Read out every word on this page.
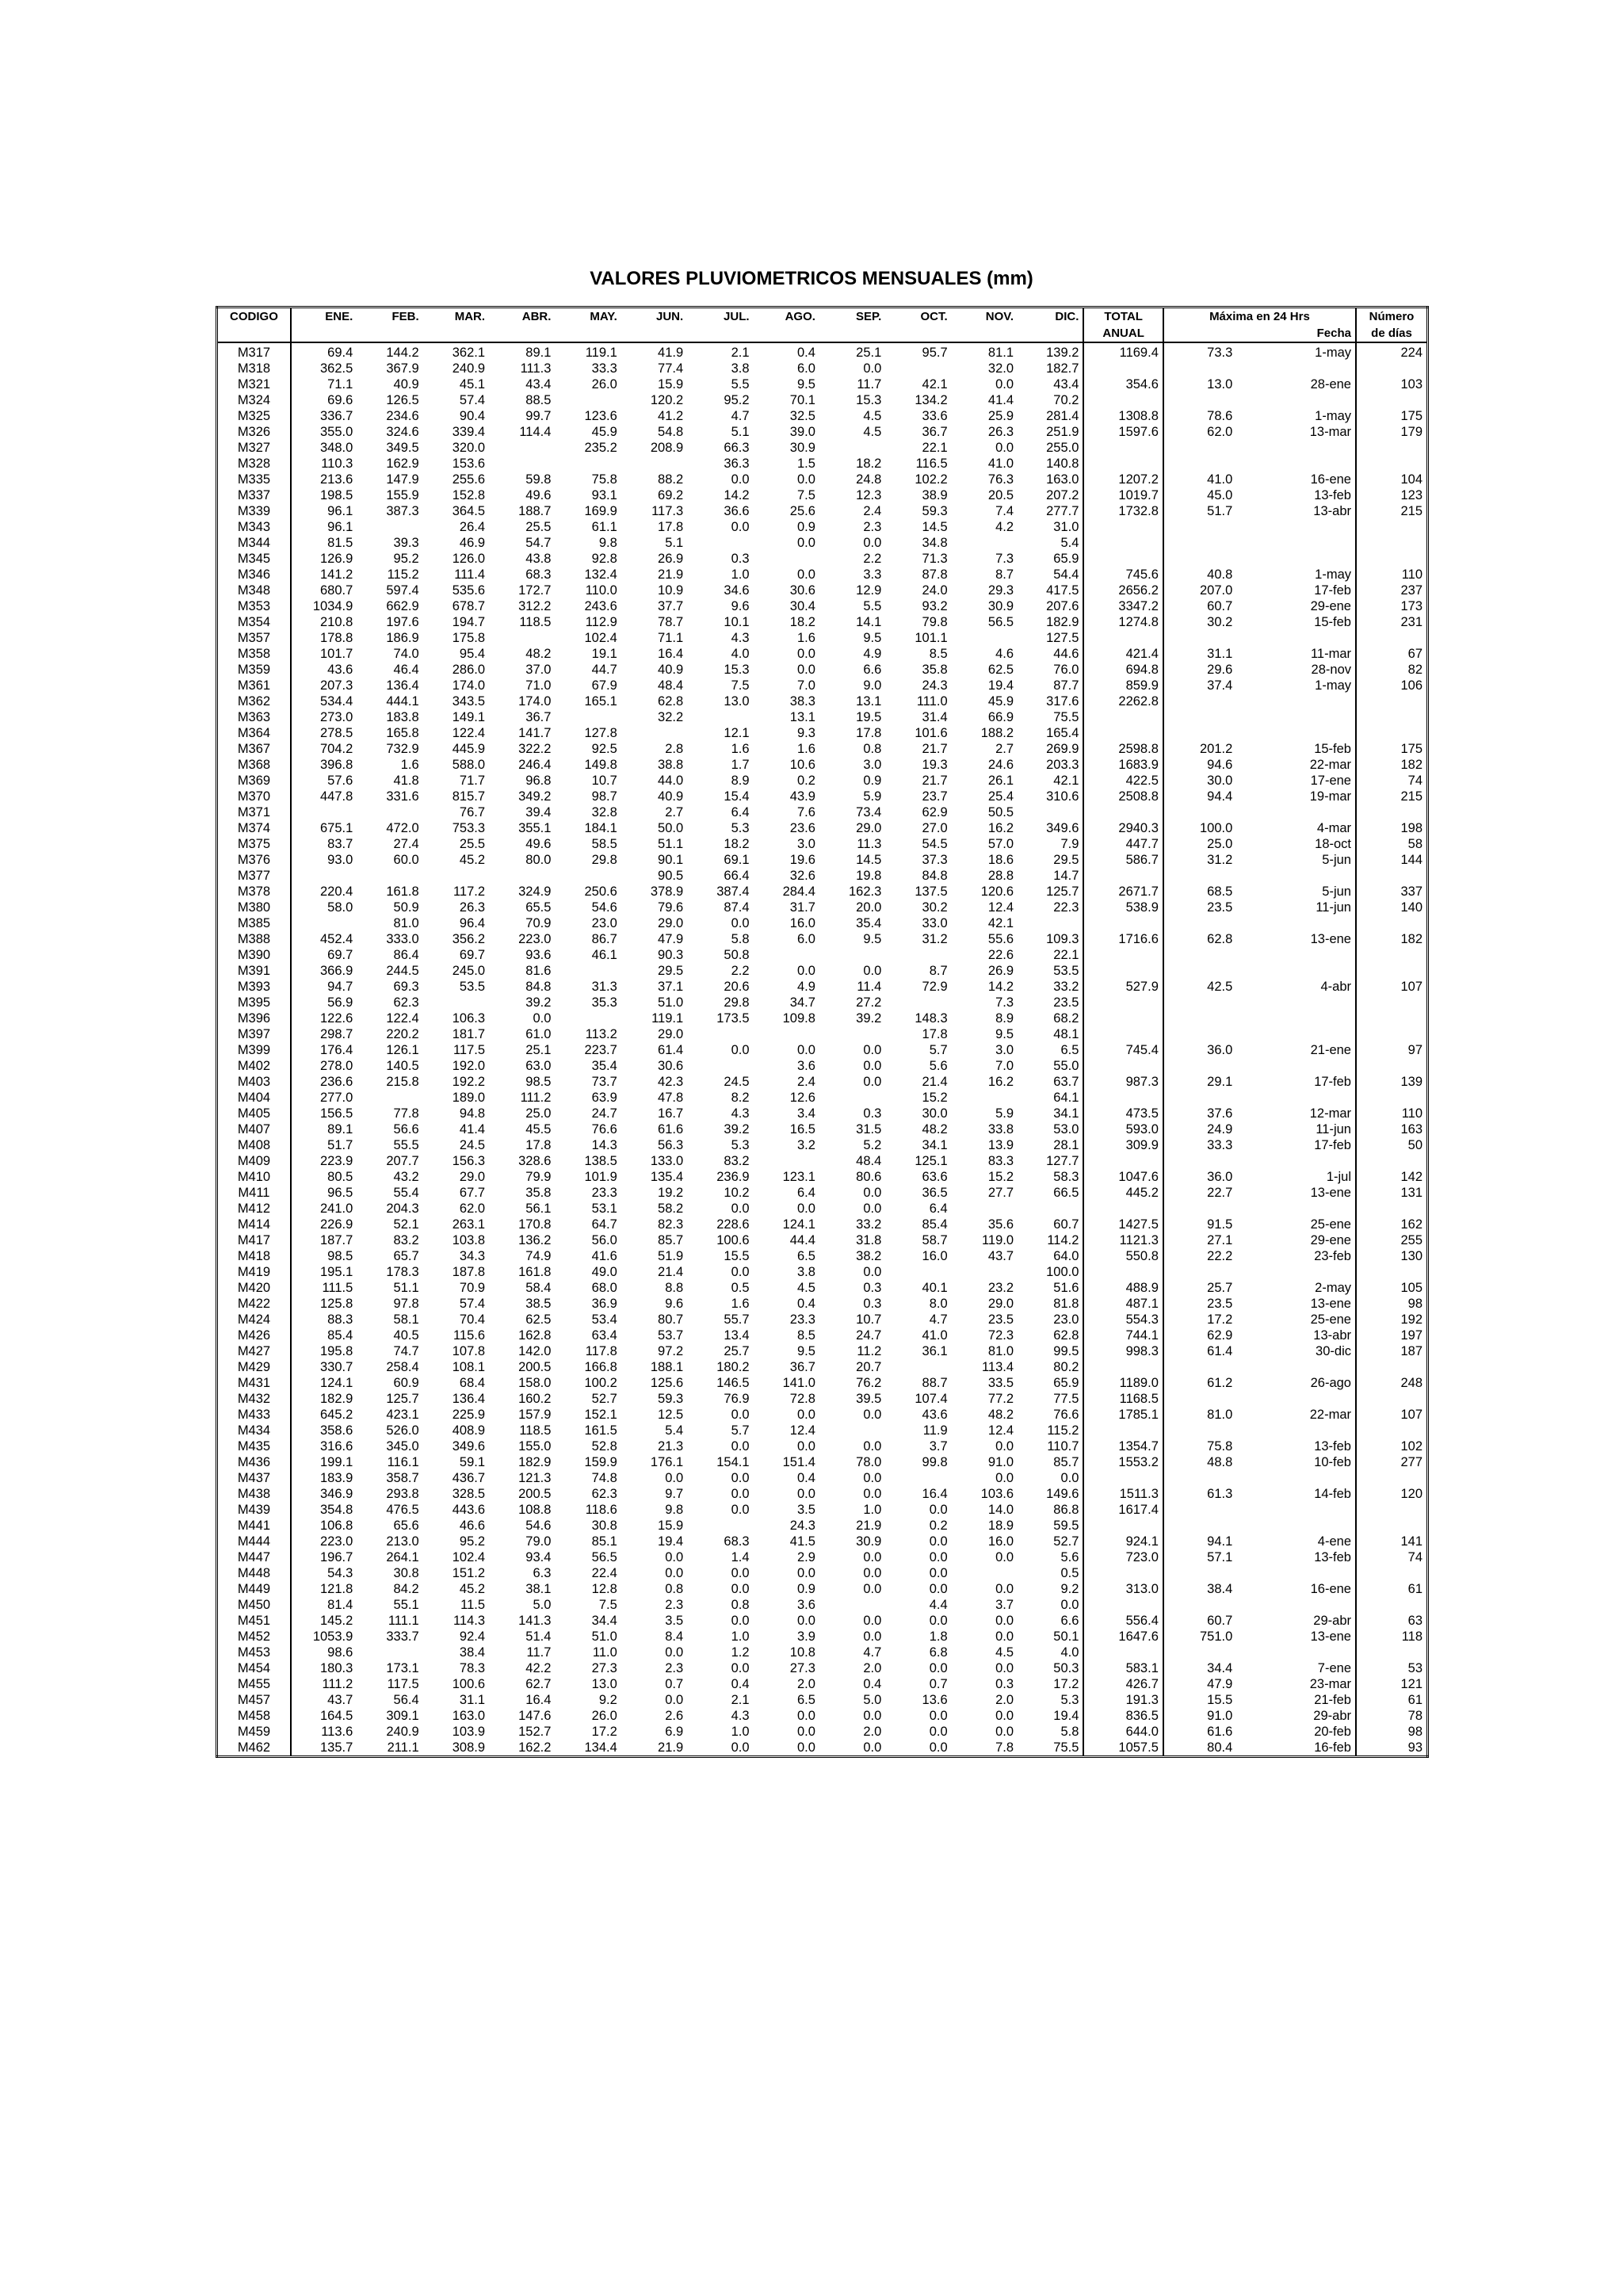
VALORES PLUVIOMETRICOS MENSUALES (mm)
CODIGO	ENE.	FEB.	MAR.	ABR.	MAY.	JUN.	JUL.	AGO.	SEP.	OCT.	NOV.	DIC.	TOTAL	Máxima en 24 Hrs		Número
													ANUAL		Fecha	de días
M317	69.4	144.2	362.1	89.1	119.1	41.9	2.1	0.4	25.1	95.7	81.1	139.2	1169.4	73.3	1-may	224
M318	362.5	367.9	240.9	111.3	33.3	77.4	3.8	6.0	0.0		32.0	182.7				
M321	71.1	40.9	45.1	43.4	26.0	15.9	5.5	9.5	11.7	42.1	0.0	43.4	354.6	13.0	28-ene	103
M324	69.6	126.5	57.4	88.5		120.2	95.2	70.1	15.3	134.2	41.4	70.2				
M325	336.7	234.6	90.4	99.7	123.6	41.2	4.7	32.5	4.5	33.6	25.9	281.4	1308.8	78.6	1-may	175
M326	355.0	324.6	339.4	114.4	45.9	54.8	5.1	39.0	4.5	36.7	26.3	251.9	1597.6	62.0	13-mar	179
M327	348.0	349.5	320.0		235.2	208.9	66.3	30.9		22.1	0.0	255.0				
M328	110.3	162.9	153.6				36.3	1.5	18.2	116.5	41.0	140.8				
M335	213.6	147.9	255.6	59.8	75.8	88.2	0.0	0.0	24.8	102.2	76.3	163.0	1207.2	41.0	16-ene	104
M337	198.5	155.9	152.8	49.6	93.1	69.2	14.2	7.5	12.3	38.9	20.5	207.2	1019.7	45.0	13-feb	123
M339	96.1	387.3	364.5	188.7	169.9	117.3	36.6	25.6	2.4	59.3	7.4	277.7	1732.8	51.7	13-abr	215
M343	96.1		26.4	25.5	61.1	17.8	0.0	0.9	2.3	14.5	4.2	31.0				
M344	81.5	39.3	46.9	54.7	9.8	5.1		0.0	0.0	34.8		5.4				
M345	126.9	95.2	126.0	43.8	92.8	26.9	0.3		2.2	71.3	7.3	65.9				
M346	141.2	115.2	111.4	68.3	132.4	21.9	1.0	0.0	3.3	87.8	8.7	54.4	745.6	40.8	1-may	110
M348	680.7	597.4	535.6	172.7	110.0	10.9	34.6	30.6	12.9	24.0	29.3	417.5	2656.2	207.0	17-feb	237
M353	1034.9	662.9	678.7	312.2	243.6	37.7	9.6	30.4	5.5	93.2	30.9	207.6	3347.2	60.7	29-ene	173
M354	210.8	197.6	194.7	118.5	112.9	78.7	10.1	18.2	14.1	79.8	56.5	182.9	1274.8	30.2	15-feb	231
M357	178.8	186.9	175.8		102.4	71.1	4.3	1.6	9.5	101.1		127.5				
M358	101.7	74.0	95.4	48.2	19.1	16.4	4.0	0.0	4.9	8.5	4.6	44.6	421.4	31.1	11-mar	67
M359	43.6	46.4	286.0	37.0	44.7	40.9	15.3	0.0	6.6	35.8	62.5	76.0	694.8	29.6	28-nov	82
M361	207.3	136.4	174.0	71.0	67.9	48.4	7.5	7.0	9.0	24.3	19.4	87.7	859.9	37.4	1-may	106
M362	534.4	444.1	343.5	174.0	165.1	62.8	13.0	38.3	13.1	111.0	45.9	317.6	2262.8			
M363	273.0	183.8	149.1	36.7		32.2		13.1	19.5	31.4	66.9	75.5				
M364	278.5	165.8	122.4	141.7	127.8		12.1	9.3	17.8	101.6	188.2	165.4				
M367	704.2	732.9	445.9	322.2	92.5	2.8	1.6	1.6	0.8	21.7	2.7	269.9	2598.8	201.2	15-feb	175
M368	396.8	1.6	588.0	246.4	149.8	38.8	1.7	10.6	3.0	19.3	24.6	203.3	1683.9	94.6	22-mar	182
M369	57.6	41.8	71.7	96.8	10.7	44.0	8.9	0.2	0.9	21.7	26.1	42.1	422.5	30.0	17-ene	74
M370	447.8	331.6	815.7	349.2	98.7	40.9	15.4	43.9	5.9	23.7	25.4	310.6	2508.8	94.4	19-mar	215
M371			76.7	39.4	32.8	2.7	6.4	7.6	73.4	62.9	50.5					
M374	675.1	472.0	753.3	355.1	184.1	50.0	5.3	23.6	29.0	27.0	16.2	349.6	2940.3	100.0	4-mar	198
M375	83.7	27.4	25.5	49.6	58.5	51.1	18.2	3.0	11.3	54.5	57.0	7.9	447.7	25.0	18-oct	58
M376	93.0	60.0	45.2	80.0	29.8	90.1	69.1	19.6	14.5	37.3	18.6	29.5	586.7	31.2	5-jun	144
M377						90.5	66.4	32.6	19.8	84.8	28.8	14.7				
M378	220.4	161.8	117.2	324.9	250.6	378.9	387.4	284.4	162.3	137.5	120.6	125.7	2671.7	68.5	5-jun	337
M380	58.0	50.9	26.3	65.5	54.6	79.6	87.4	31.7	20.0	30.2	12.4	22.3	538.9	23.5	11-jun	140
M385		81.0	96.4	70.9	23.0	29.0	0.0	16.0	35.4	33.0	42.1					
M388	452.4	333.0	356.2	223.0	86.7	47.9	5.8	6.0	9.5	31.2	55.6	109.3	1716.6	62.8	13-ene	182
M390	69.7	86.4	69.7	93.6	46.1	90.3	50.8				22.6	22.1				
M391	366.9	244.5	245.0	81.6		29.5	2.2	0.0	0.0	8.7	26.9	53.5				
M393	94.7	69.3	53.5	84.8	31.3	37.1	20.6	4.9	11.4	72.9	14.2	33.2	527.9	42.5	4-abr	107
M395	56.9	62.3		39.2	35.3	51.0	29.8	34.7	27.2		7.3	23.5				
M396	122.6	122.4	106.3	0.0		119.1	173.5	109.8	39.2	148.3	8.9	68.2				
M397	298.7	220.2	181.7	61.0	113.2	29.0				17.8	9.5	48.1				
M399	176.4	126.1	117.5	25.1	223.7	61.4	0.0	0.0	0.0	5.7	3.0	6.5	745.4	36.0	21-ene	97
M402	278.0	140.5	192.0	63.0	35.4	30.6		3.6	0.0	5.6	7.0	55.0				
M403	236.6	215.8	192.2	98.5	73.7	42.3	24.5	2.4	0.0	21.4	16.2	63.7	987.3	29.1	17-feb	139
M404	277.0		189.0	111.2	63.9	47.8	8.2	12.6		15.2		64.1				
M405	156.5	77.8	94.8	25.0	24.7	16.7	4.3	3.4	0.3	30.0	5.9	34.1	473.5	37.6	12-mar	110
M407	89.1	56.6	41.4	45.5	76.6	61.6	39.2	16.5	31.5	48.2	33.8	53.0	593.0	24.9	11-jun	163
M408	51.7	55.5	24.5	17.8	14.3	56.3	5.3	3.2	5.2	34.1	13.9	28.1	309.9	33.3	17-feb	50
M409	223.9	207.7	156.3	328.6	138.5	133.0	83.2		48.4	125.1	83.3	127.7				
M410	80.5	43.2	29.0	79.9	101.9	135.4	236.9	123.1	80.6	63.6	15.2	58.3	1047.6	36.0	1-jul	142
M411	96.5	55.4	67.7	35.8	23.3	19.2	10.2	6.4	0.0	36.5	27.7	66.5	445.2	22.7	13-ene	131
M412	241.0	204.3	62.0	56.1	53.1	58.2	0.0	0.0	0.0	6.4						
M414	226.9	52.1	263.1	170.8	64.7	82.3	228.6	124.1	33.2	85.4	35.6	60.7	1427.5	91.5	25-ene	162
M417	187.7	83.2	103.8	136.2	56.0	85.7	100.6	44.4	31.8	58.7	119.0	114.2	1121.3	27.1	29-ene	255
M418	98.5	65.7	34.3	74.9	41.6	51.9	15.5	6.5	38.2	16.0	43.7	64.0	550.8	22.2	23-feb	130
M419	195.1	178.3	187.8	161.8	49.0	21.4	0.0	3.8	0.0			100.0				
M420	111.5	51.1	70.9	58.4	68.0	8.8	0.5	4.5	0.3	40.1	23.2	51.6	488.9	25.7	2-may	105
M422	125.8	97.8	57.4	38.5	36.9	9.6	1.6	0.4	0.3	8.0	29.0	81.8	487.1	23.5	13-ene	98
M424	88.3	58.1	70.4	62.5	53.4	80.7	55.7	23.3	10.7	4.7	23.5	23.0	554.3	17.2	25-ene	192
M426	85.4	40.5	115.6	162.8	63.4	53.7	13.4	8.5	24.7	41.0	72.3	62.8	744.1	62.9	13-abr	197
M427	195.8	74.7	107.8	142.0	117.8	97.2	25.7	9.5	11.2	36.1	81.0	99.5	998.3	61.4	30-dic	187
M429	330.7	258.4	108.1	200.5	166.8	188.1	180.2	36.7	20.7		113.4	80.2				
M431	124.1	60.9	68.4	158.0	100.2	125.6	146.5	141.0	76.2	88.7	33.5	65.9	1189.0	61.2	26-ago	248
M432	182.9	125.7	136.4	160.2	52.7	59.3	76.9	72.8	39.5	107.4	77.2	77.5	1168.5			
M433	645.2	423.1	225.9	157.9	152.1	12.5	0.0	0.0	0.0	43.6	48.2	76.6	1785.1	81.0	22-mar	107
M434	358.6	526.0	408.9	118.5	161.5	5.4	5.7	12.4		11.9	12.4	115.2				
M435	316.6	345.0	349.6	155.0	52.8	21.3	0.0	0.0	0.0	3.7	0.0	110.7	1354.7	75.8	13-feb	102
M436	199.1	116.1	59.1	182.9	159.9	176.1	154.1	151.4	78.0	99.8	91.0	85.7	1553.2	48.8	10-feb	277
M437	183.9	358.7	436.7	121.3	74.8	0.0	0.0	0.4	0.0		0.0	0.0				
M438	346.9	293.8	328.5	200.5	62.3	9.7	0.0	0.0	0.0	16.4	103.6	149.6	1511.3	61.3	14-feb	120
M439	354.8	476.5	443.6	108.8	118.6	9.8	0.0	3.5	1.0	0.0	14.0	86.8	1617.4			
M441	106.8	65.6	46.6	54.6	30.8	15.9		24.3	21.9	0.2	18.9	59.5				
M444	223.0	213.0	95.2	79.0	85.1	19.4	68.3	41.5	30.9	0.0	16.0	52.7	924.1	94.1	4-ene	141
M447	196.7	264.1	102.4	93.4	56.5	0.0	1.4	2.9	0.0	0.0	0.0	5.6	723.0	57.1	13-feb	74
M448	54.3	30.8	151.2	6.3	22.4	0.0	0.0	0.0	0.0	0.0		0.5				
M449	121.8	84.2	45.2	38.1	12.8	0.8	0.0	0.9	0.0	0.0	0.0	9.2	313.0	38.4	16-ene	61
M450	81.4	55.1	11.5	5.0	7.5	2.3	0.8	3.6		4.4	3.7	0.0				
M451	145.2	111.1	114.3	141.3	34.4	3.5	0.0	0.0	0.0	0.0	0.0	6.6	556.4	60.7	29-abr	63
M452	1053.9	333.7	92.4	51.4	51.0	8.4	1.0	3.9	0.0	1.8	0.0	50.1	1647.6	751.0	13-ene	118
M453	98.6		38.4	11.7	11.0	0.0	1.2	10.8	4.7	6.8	4.5	4.0				
M454	180.3	173.1	78.3	42.2	27.3	2.3	0.0	27.3	2.0	0.0	0.0	50.3	583.1	34.4	7-ene	53
M455	111.2	117.5	100.6	62.7	13.0	0.7	0.4	2.0	0.4	0.7	0.3	17.2	426.7	47.9	23-mar	121
M457	43.7	56.4	31.1	16.4	9.2	0.0	2.1	6.5	5.0	13.6	2.0	5.3	191.3	15.5	21-feb	61
M458	164.5	309.1	163.0	147.6	26.0	2.6	4.3	0.0	0.0	0.0	0.0	19.4	836.5	91.0	29-abr	78
M459	113.6	240.9	103.9	152.7	17.2	6.9	1.0	0.0	2.0	0.0	0.0	5.8	644.0	61.6	20-feb	98
M462	135.7	211.1	308.9	162.2	134.4	21.9	0.0	0.0	0.0	0.0	7.8	75.5	1057.5	80.4	16-feb	93
